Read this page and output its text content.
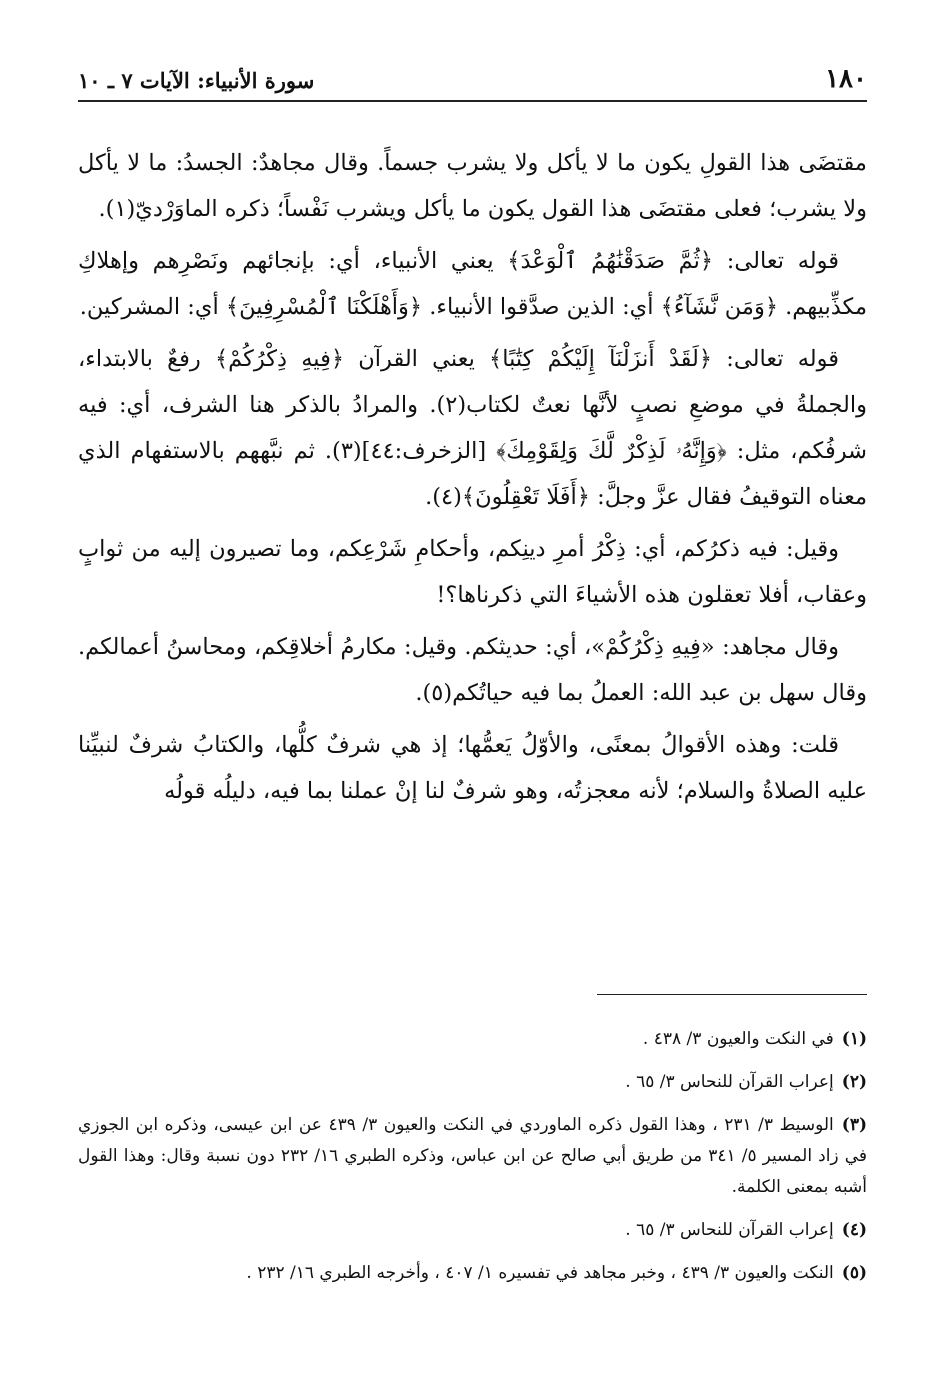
١٨٠
سورة الأنبياء: الآيات ٧ ـ ١٠

مقتضَى هذا القولِ يكون ما لا يأكل ولا يشرب جسماً. وقال مجاهدٌ: الجسدُ: ما لا يأكل ولا يشرب؛ فعلى مقتضَى هذا القول يكون ما يأكل ويشرب نَفْساً؛ ذكره الماوَرْديّ(١).

قوله تعالى: ﴿ثُمَّ صَدَقْنَٰهُمُ ٱلْوَعْدَ﴾ يعني الأنبياء، أي: بإنجائهم ونَصْرِهم وإهلاكِ مكذِّبيهم. ﴿وَمَن نَّشَآءُ﴾ أي: الذين صدَّقوا الأنبياء. ﴿وَأَهْلَكْنَا ٱلْمُسْرِفِينَ﴾ أي: المشركين.

قوله تعالى: ﴿لَقَدْ أَنزَلْنَآ إِلَيْكُمْ كِتَٰبًا﴾ يعني القرآن ﴿فِيهِ ذِكْرُكُمْ﴾ رفعٌ بالابتداء، والجملةُ في موضعِ نصبٍ لأنَّها نعتٌ لكتاب(٢). والمرادُ بالذكر هنا الشرف، أي: فيه شرفُكم، مثل: ﴿وَإِنَّهُۥ لَذِكْرٌ لَّكَ وَلِقَوْمِكَ﴾ [الزخرف:٤٤](٣). ثم نبَّههم بالاستفهام الذي معناه التوقيفُ فقال عزَّ وجلَّ: ﴿أَفَلَا تَعْقِلُونَ﴾(٤).

وقيل: فيه ذكرُكم، أي: ذِكْرُ أمرِ دينِكم، وأحكامِ شَرْعِكم، وما تصيرون إليه من ثوابٍ وعقاب، أفلا تعقلون هذه الأشياءَ التي ذكرناها؟!

وقال مجاهد: «فِيهِ ذِكْرُكُمْ»، أي: حديثكم. وقيل: مكارمُ أخلاقِكم، ومحاسنُ أعمالكم. وقال سهل بن عبد الله: العملُ بما فيه حياتُكم(٥).

قلت: وهذه الأقوالُ بمعنًى، والأوّلُ يَعمُّها؛ إذ هي شرفٌ كلُّها، والكتابُ شرفٌ لنبيِّنا عليه الصلاةُ والسلام؛ لأنه معجزتُه، وهو شرفٌ لنا إنْ عملنا بما فيه، دليلُه قولُه

(١)في النكت والعيون ٣/ ٤٣٨ .
(٢)إعراب القرآن للنحاس ٣/ ٦٥ .
(٣)الوسيط ٣/ ٢٣١ ، وهذا القول ذكره الماوردي في النكت والعيون ٣/ ٤٣٩ عن ابن عيسى، وذكره ابن الجوزي في زاد المسير ٥/ ٣٤١ من طريق أبي صالح عن ابن عباس، وذكره الطبري ١٦/ ٢٣٢ دون نسبة وقال: وهذا القول أشبه بمعنى الكلمة.
(٤)إعراب القرآن للنحاس ٣/ ٦٥ .
(٥)النكت والعيون ٣/ ٤٣٩ ، وخبر مجاهد في تفسيره ١/ ٤٠٧ ، وأخرجه الطبري ١٦/ ٢٣٢ .
